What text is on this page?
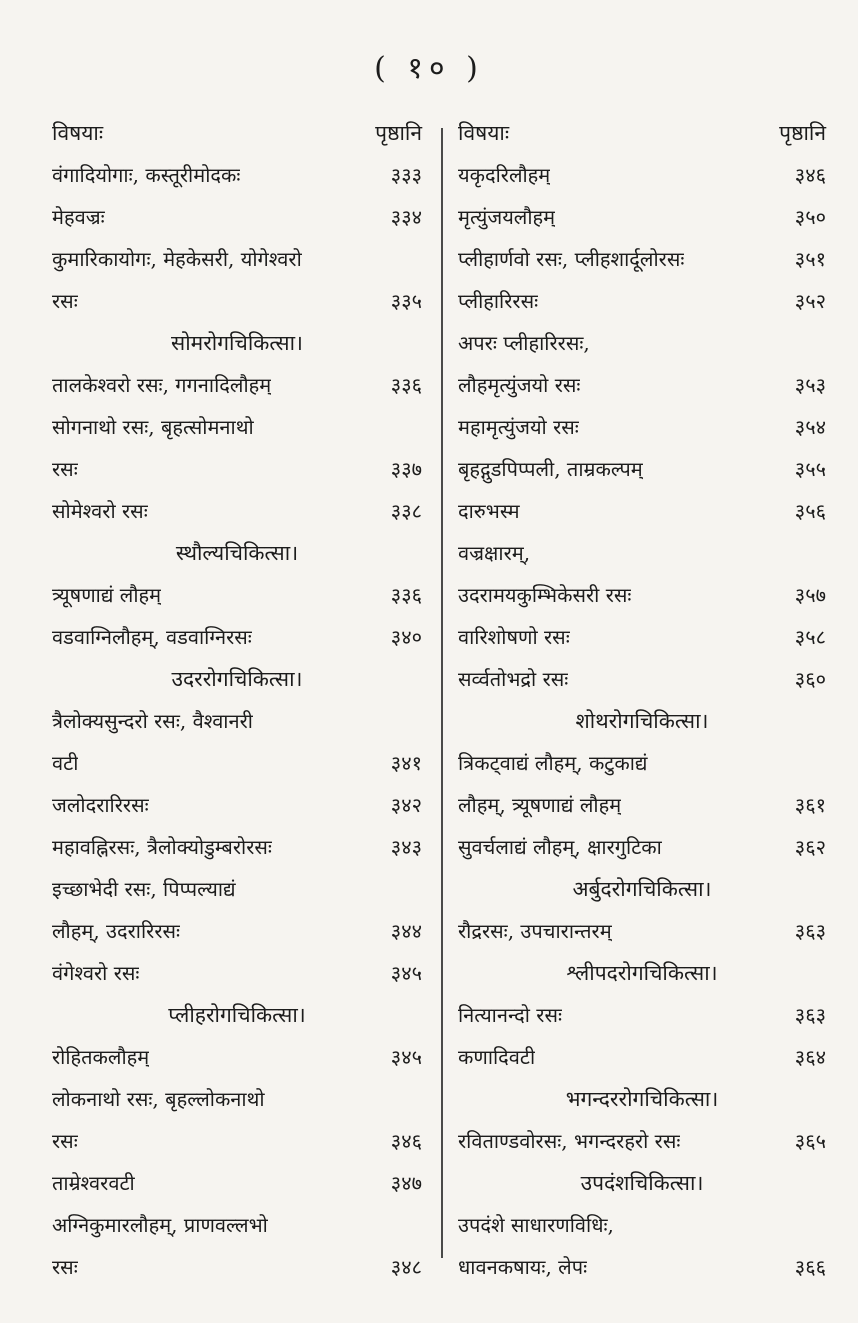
( १० )
विषयाः	पृष्ठानि
वंगादियोगाः, कस्तूरीमोदकः	३३३
मेहवज्रः	३३४
कुमारिकायोगः, मेहकेसरी, योगेश्वरो
रसः	३३५
सोमरोगचिकित्सा।
तालकेश्वरो रसः, गगनादिलौहम्	३३६
सोगनाथो रसः, बृहत्सोमनाथो
रसः	३३७
सोमेश्वरो रसः	३३८
स्थौल्यचिकित्सा।
त्र्यूषणाद्यं लौहम्	३३६
वडवाग्निलौहम्, वडवाग्निरसः	३४०
उदररोगचिकित्सा।
त्रैलोक्यसुन्दरो रसः, वैश्वानरी
वटी	३४१
जलोदरारिरसः	३४२
महावह्निरसः, त्रैलोक्योडुम्बरोरसः	३४३
इच्छाभेदी रसः, पिप्पल्याद्यं
लौहम्, उदरारिरसः	३४४
वंगेश्वरो रसः	३४५
प्लीहरोगचिकित्सा।
रोहितकलौहम्	३४५
लोकनाथो रसः, बृहल्लोकनाथो
रसः	३४६
ताम्रेश्वरवटी	३४७
अग्निकुमारलौहम्, प्राणवल्लभो
रसः	३४८
विषयाः	पृष्ठानि
यकृदरिलौहम्	३४६
मृत्युंजयलौहम्	३५०
प्लीहार्णवो रसः, प्लीहशार्दूलोरसः	३५१
प्लीहारिरसः	३५२
अपरः प्लीहारिरसः,
लौहमृत्युंजयो रसः	३५३
महामृत्युंजयो रसः	३५४
बृहद्गुडपिप्पली, ताम्रकल्पम्	३५५
दारुभस्म	३५६
वज्रक्षारम्,
उदरामयकुम्भिकेसरी रसः	३५७
वारिशोषणो रसः	३५८
सर्व्वतोभद्रो रसः	३६०
शोथरोगचिकित्सा।
त्रिकट्वाद्यं लौहम्, कटुकाद्यं
लौहम्, त्र्यूषणाद्यं लौहम्	३६१
सुवर्चलाद्यं लौहम्, क्षारगुटिका	३६२
अर्बुदरोगचिकित्सा।
रौद्ररसः, उपचारान्तरम्	३६३
श्लीपदरोगचिकित्सा।
नित्यानन्दो रसः	३६३
कणादिवटी	३६४
भगन्दररोगचिकित्सा।
रविताण्डवोरसः, भगन्दरहरो रसः	३६५
उपदंशचिकित्सा।
उपदंशे साधारणविधिः,
धावनकषायः, लेपः	३६६
